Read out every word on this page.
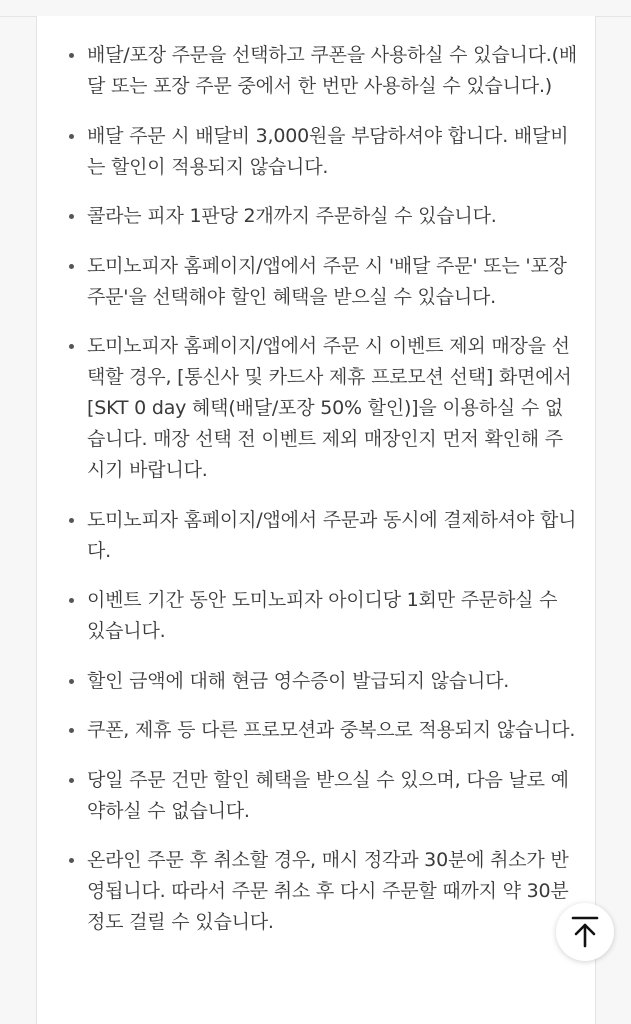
배달/포장 주문을 선택하고 쿠폰을 사용하실 수 있습니다.(배달 또는 포장 주문 중에서 한 번만 사용하실 수 있습니다.)
배달 주문 시 배달비 3,000원을 부담하셔야 합니다. 배달비는 할인이 적용되지 않습니다.
콜라는 피자 1판당 2개까지 주문하실 수 있습니다.
도미노피자 홈페이지/앱에서 주문 시 '배달 주문' 또는 '포장 주문'을 선택해야 할인 혜택을 받으실 수 있습니다.
도미노피자 홈페이지/앱에서 주문 시 이벤트 제외 매장을 선택할 경우, [통신사 및 카드사 제휴 프로모션 선택] 화면에서 [SKT 0 day 혜택(배달/포장 50% 할인)]을 이용하실 수 없습니다. 매장 선택 전 이벤트 제외 매장인지 먼저 확인해 주시기 바랍니다.
도미노피자 홈페이지/앱에서 주문과 동시에 결제하셔야 합니다.
이벤트 기간 동안 도미노피자 아이디당 1회만 주문하실 수 있습니다.
할인 금액에 대해 현금 영수증이 발급되지 않습니다.
쿠폰, 제휴 등 다른 프로모션과 중복으로 적용되지 않습니다.
당일 주문 건만 할인 혜택을 받으실 수 있으며, 다음 날로 예약하실 수 없습니다.
온라인 주문 후 취소할 경우, 매시 정각과 30분에 취소가 반영됩니다. 따라서 주문 취소 후 다시 주문할 때까지 약 30분 정도 걸릴 수 있습니다.
